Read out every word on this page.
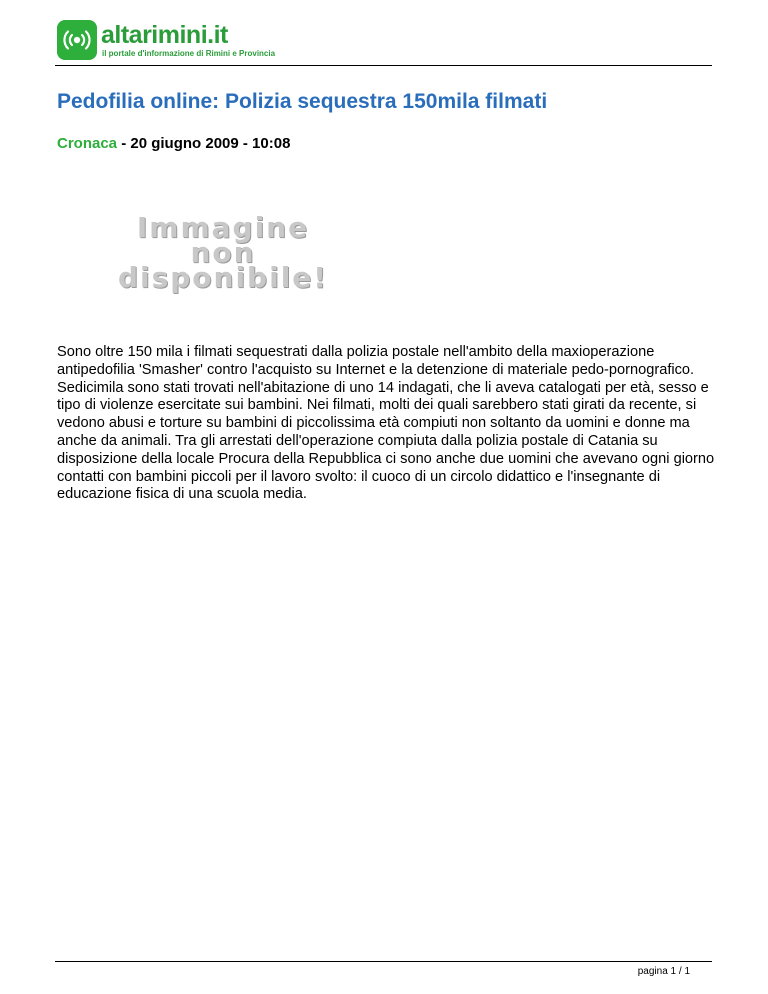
altarimini.it
il portale d'informazione di Rimini e Provincia
Pedofilia online: Polizia sequestra 150mila filmati
Cronaca - 20 giugno 2009 - 10:08
Immagine
non
disponibile!

Sono oltre 150 mila i filmati sequestrati dalla polizia postale nell'ambito della maxioperazione antipedofilia 'Smasher' contro l'acquisto su Internet e la detenzione di materiale pedo-pornografico. Sedicimila sono stati trovati nell'abitazione di uno 14 indagati, che li aveva catalogati per età, sesso e tipo di violenze esercitate sui bambini. Nei filmati, molti dei quali sarebbero stati girati da recente, si vedono abusi e torture su bambini di piccolissima età compiuti non soltanto da uomini e donne ma anche da animali. Tra gli arrestati dell'operazione compiuta dalla polizia postale di Catania su disposizione della locale Procura della Repubblica ci sono anche due uomini che avevano ogni giorno contatti con bambini piccoli per il lavoro svolto: il cuoco di un circolo didattico e l'insegnante di educazione fisica di una scuola media.

pagina 1 / 1
